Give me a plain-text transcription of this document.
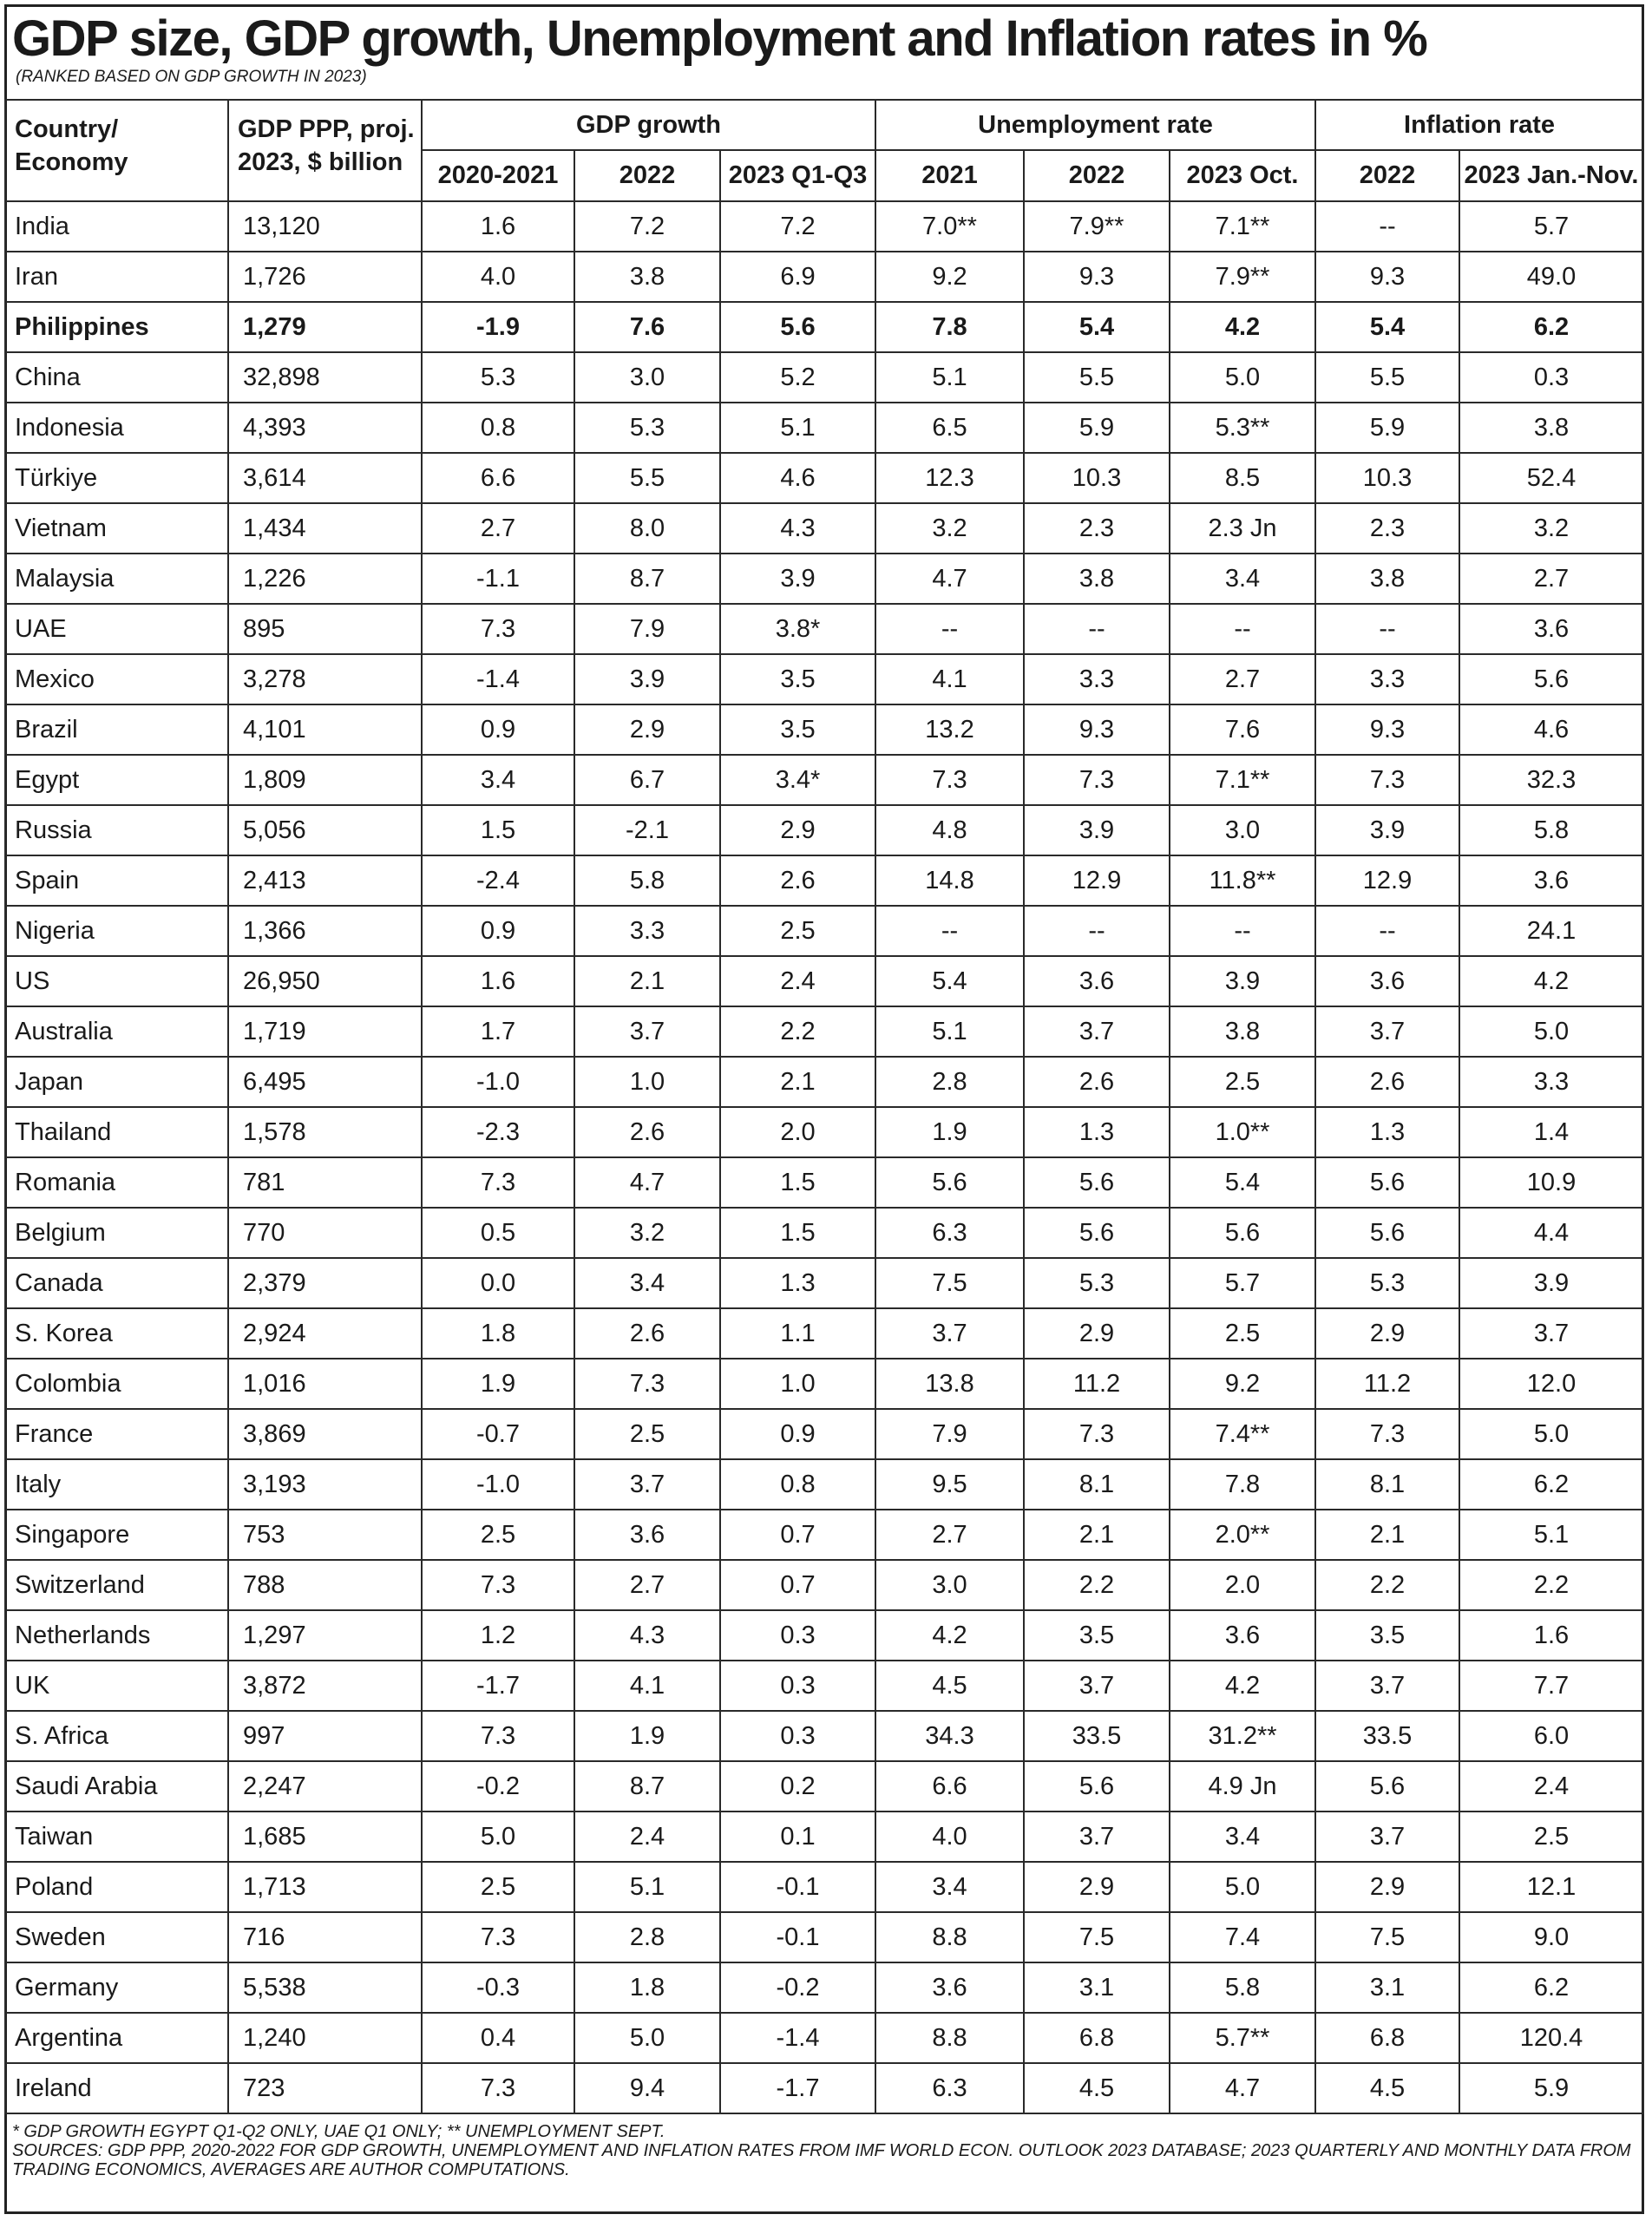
GDP size, GDP growth, Unemployment and Inflation rates in %
(RANKED BASED ON GDP GROWTH IN 2023)
Country/ Economy	GDP PPP, proj. 2023, $ billion	GDP growth			Unemployment rate			Inflation rate	
		2020-2021	2022	2023 Q1-Q3	2021	2022	2023 Oct.	2022	2023 Jan.-Nov.
India	13,120	1.6	7.2	7.2	7.0**	7.9**	7.1**	--	5.7
Iran	1,726	4.0	3.8	6.9	9.2	9.3	7.9**	9.3	49.0
Philippines	1,279	-1.9	7.6	5.6	7.8	5.4	4.2	5.4	6.2
China	32,898	5.3	3.0	5.2	5.1	5.5	5.0	5.5	0.3
Indonesia	4,393	0.8	5.3	5.1	6.5	5.9	5.3**	5.9	3.8
Türkiye	3,614	6.6	5.5	4.6	12.3	10.3	8.5	10.3	52.4
Vietnam	1,434	2.7	8.0	4.3	3.2	2.3	2.3 Jn	2.3	3.2
Malaysia	1,226	-1.1	8.7	3.9	4.7	3.8	3.4	3.8	2.7
UAE	895	7.3	7.9	3.8*	--	--	--	--	3.6
Mexico	3,278	-1.4	3.9	3.5	4.1	3.3	2.7	3.3	5.6
Brazil	4,101	0.9	2.9	3.5	13.2	9.3	7.6	9.3	4.6
Egypt	1,809	3.4	6.7	3.4*	7.3	7.3	7.1**	7.3	32.3
Russia	5,056	1.5	-2.1	2.9	4.8	3.9	3.0	3.9	5.8
Spain	2,413	-2.4	5.8	2.6	14.8	12.9	11.8**	12.9	3.6
Nigeria	1,366	0.9	3.3	2.5	--	--	--	--	24.1
US	26,950	1.6	2.1	2.4	5.4	3.6	3.9	3.6	4.2
Australia	1,719	1.7	3.7	2.2	5.1	3.7	3.8	3.7	5.0
Japan	6,495	-1.0	1.0	2.1	2.8	2.6	2.5	2.6	3.3
Thailand	1,578	-2.3	2.6	2.0	1.9	1.3	1.0**	1.3	1.4
Romania	781	7.3	4.7	1.5	5.6	5.6	5.4	5.6	10.9
Belgium	770	0.5	3.2	1.5	6.3	5.6	5.6	5.6	4.4
Canada	2,379	0.0	3.4	1.3	7.5	5.3	5.7	5.3	3.9
S. Korea	2,924	1.8	2.6	1.1	3.7	2.9	2.5	2.9	3.7
Colombia	1,016	1.9	7.3	1.0	13.8	11.2	9.2	11.2	12.0
France	3,869	-0.7	2.5	0.9	7.9	7.3	7.4**	7.3	5.0
Italy	3,193	-1.0	3.7	0.8	9.5	8.1	7.8	8.1	6.2
Singapore	753	2.5	3.6	0.7	2.7	2.1	2.0**	2.1	5.1
Switzerland	788	7.3	2.7	0.7	3.0	2.2	2.0	2.2	2.2
Netherlands	1,297	1.2	4.3	0.3	4.2	3.5	3.6	3.5	1.6
UK	3,872	-1.7	4.1	0.3	4.5	3.7	4.2	3.7	7.7
S. Africa	997	7.3	1.9	0.3	34.3	33.5	31.2**	33.5	6.0
Saudi Arabia	2,247	-0.2	8.7	0.2	6.6	5.6	4.9 Jn	5.6	2.4
Taiwan	1,685	5.0	2.4	0.1	4.0	3.7	3.4	3.7	2.5
Poland	1,713	2.5	5.1	-0.1	3.4	2.9	5.0	2.9	12.1
Sweden	716	7.3	2.8	-0.1	8.8	7.5	7.4	7.5	9.0
Germany	5,538	-0.3	1.8	-0.2	3.6	3.1	5.8	3.1	6.2
Argentina	1,240	0.4	5.0	-1.4	8.8	6.8	5.7**	6.8	120.4
Ireland	723	7.3	9.4	-1.7	6.3	4.5	4.7	4.5	5.9
* GDP GROWTH EGYPT Q1-Q2 ONLY, UAE Q1 ONLY; ** UNEMPLOYMENT SEPT.
SOURCES: GDP PPP, 2020-2022 FOR GDP GROWTH, UNEMPLOYMENT AND INFLATION RATES FROM IMF WORLD ECON. OUTLOOK 2023 DATABASE; 2023 QUARTERLY AND MONTHLY DATA FROM TRADING ECONOMICS, AVERAGES ARE AUTHOR COMPUTATIONS.
